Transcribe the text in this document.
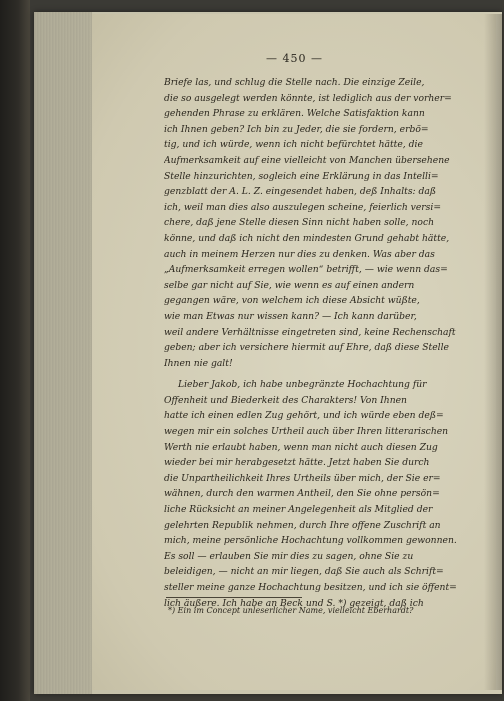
— 450 —
Briefe las, und schlug die Stelle nach. Die einzige Zeile,
die so ausgelegt werden könnte, ist lediglich aus der vorher=
gehenden Phrase zu erklären. Welche Satisfaktion kann
ich Ihnen geben? Ich bin zu Jeder, die sie fordern, erbö=
tig, und ich würde, wenn ich nicht befürchtet hätte, die
Aufmerksamkeit auf eine vielleicht von Manchen übersehene
Stelle hinzurichten, sogleich eine Erklärung in das Intelli=
genzblatt der A. L. Z. eingesendet haben, deß Inhalts: daß
ich, weil man dies also auszulegen scheine, feierlich versi=
chere, daß jene Stelle diesen Sinn nicht haben solle, noch
könne, und daß ich nicht den mindesten Grund gehabt hätte,
auch in meinem Herzen nur dies zu denken. Was aber das
„Aufmerksamkeit erregen wollen“ betrifft, — wie wenn das=
selbe gar nicht auf Sie, wie wenn es auf einen andern
gegangen wäre, von welchem ich diese Absicht wüßte,
wie man Etwas nur wissen kann? — Ich kann darüber,
weil andere Verhältnisse eingetreten sind, keine Rechenschaft
geben; aber ich versichere hiermit auf Ehre, daß diese Stelle
Ihnen nie galt!
Lieber Jakob, ich habe unbegränzte Hochachtung für
Offenheit und Biederkeit des Charakters! Von Ihnen
hatte ich einen edlen Zug gehört, und ich würde eben deß=
wegen mir ein solches Urtheil auch über Ihren litterarischen
Werth nie erlaubt haben, wenn man nicht auch diesen Zug
wieder bei mir herabgesetzt hätte. Jetzt haben Sie durch
die Unpartheilichkeit Ihres Urtheils über mich, der Sie er=
wähnen, durch den warmen Antheil, den Sie ohne persön=
liche Rücksicht an meiner Angelegenheit als Mitglied der
gelehrten Republik nehmen, durch Ihre offene Zuschrift an
mich, meine persönliche Hochachtung vollkommen gewonnen.
Es soll — erlauben Sie mir dies zu sagen, ohne Sie zu
beleidigen, — nicht an mir liegen, daß Sie auch als Schrift=
steller meine ganze Hochachtung besitzen, und ich sie öffent=
lich äußere. Ich habe an Beck und S. *) gezeigt, daß ich
*) Ein im Concept unleserlicher Name, vielleicht Eberhardt?
